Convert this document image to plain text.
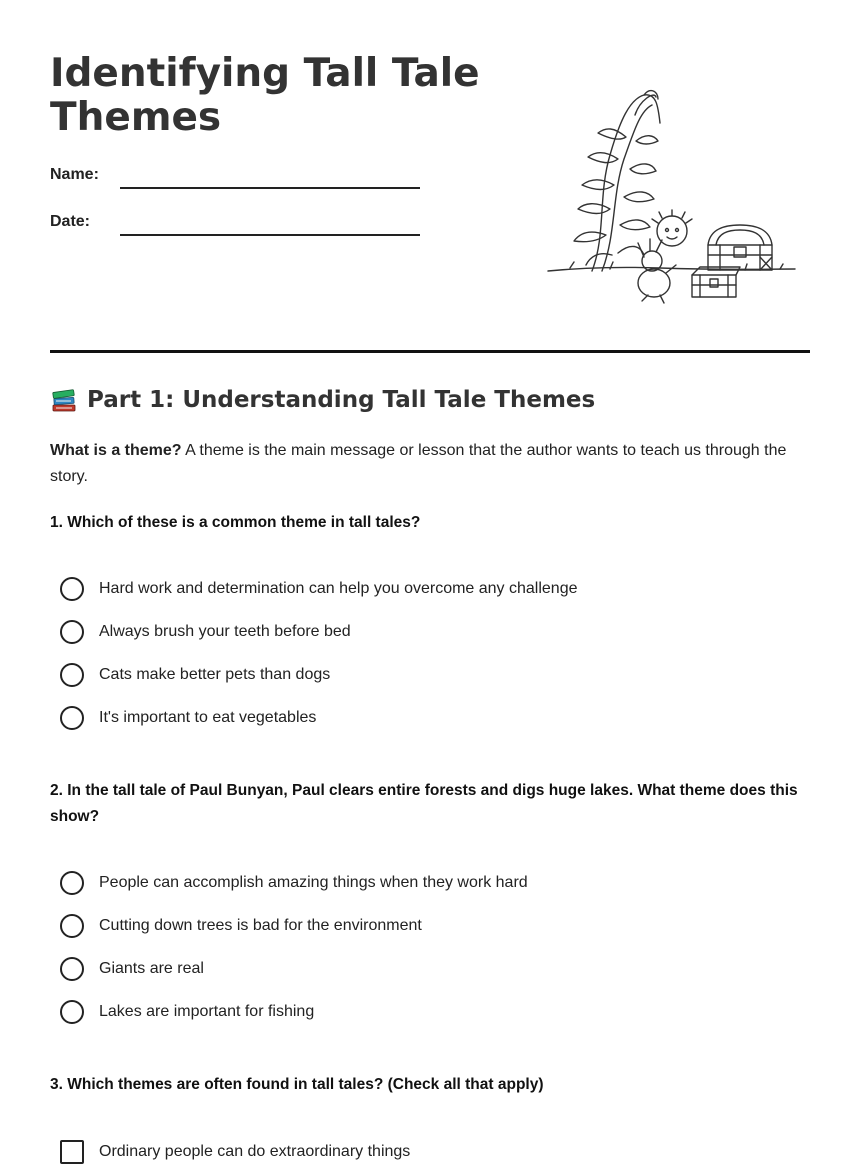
Identifying Tall Tale Themes
Name:
Date:
Part 1: Understanding Tall Tale Themes

What is a theme? A theme is the main message or lesson that the author wants to teach us through the story.

1. Which of these is a common theme in tall tales?
Hard work and determination can help you overcome any challenge
Always brush your teeth before bed
Cats make better pets than dogs
It's important to eat vegetables
2. In the tall tale of Paul Bunyan, Paul clears entire forests and digs huge lakes. What theme does this show?
People can accomplish amazing things when they work hard
Cutting down trees is bad for the environment
Giants are real
Lakes are important for fishing
3. Which themes are often found in tall tales? (Check all that apply)
Ordinary people can do extraordinary things
